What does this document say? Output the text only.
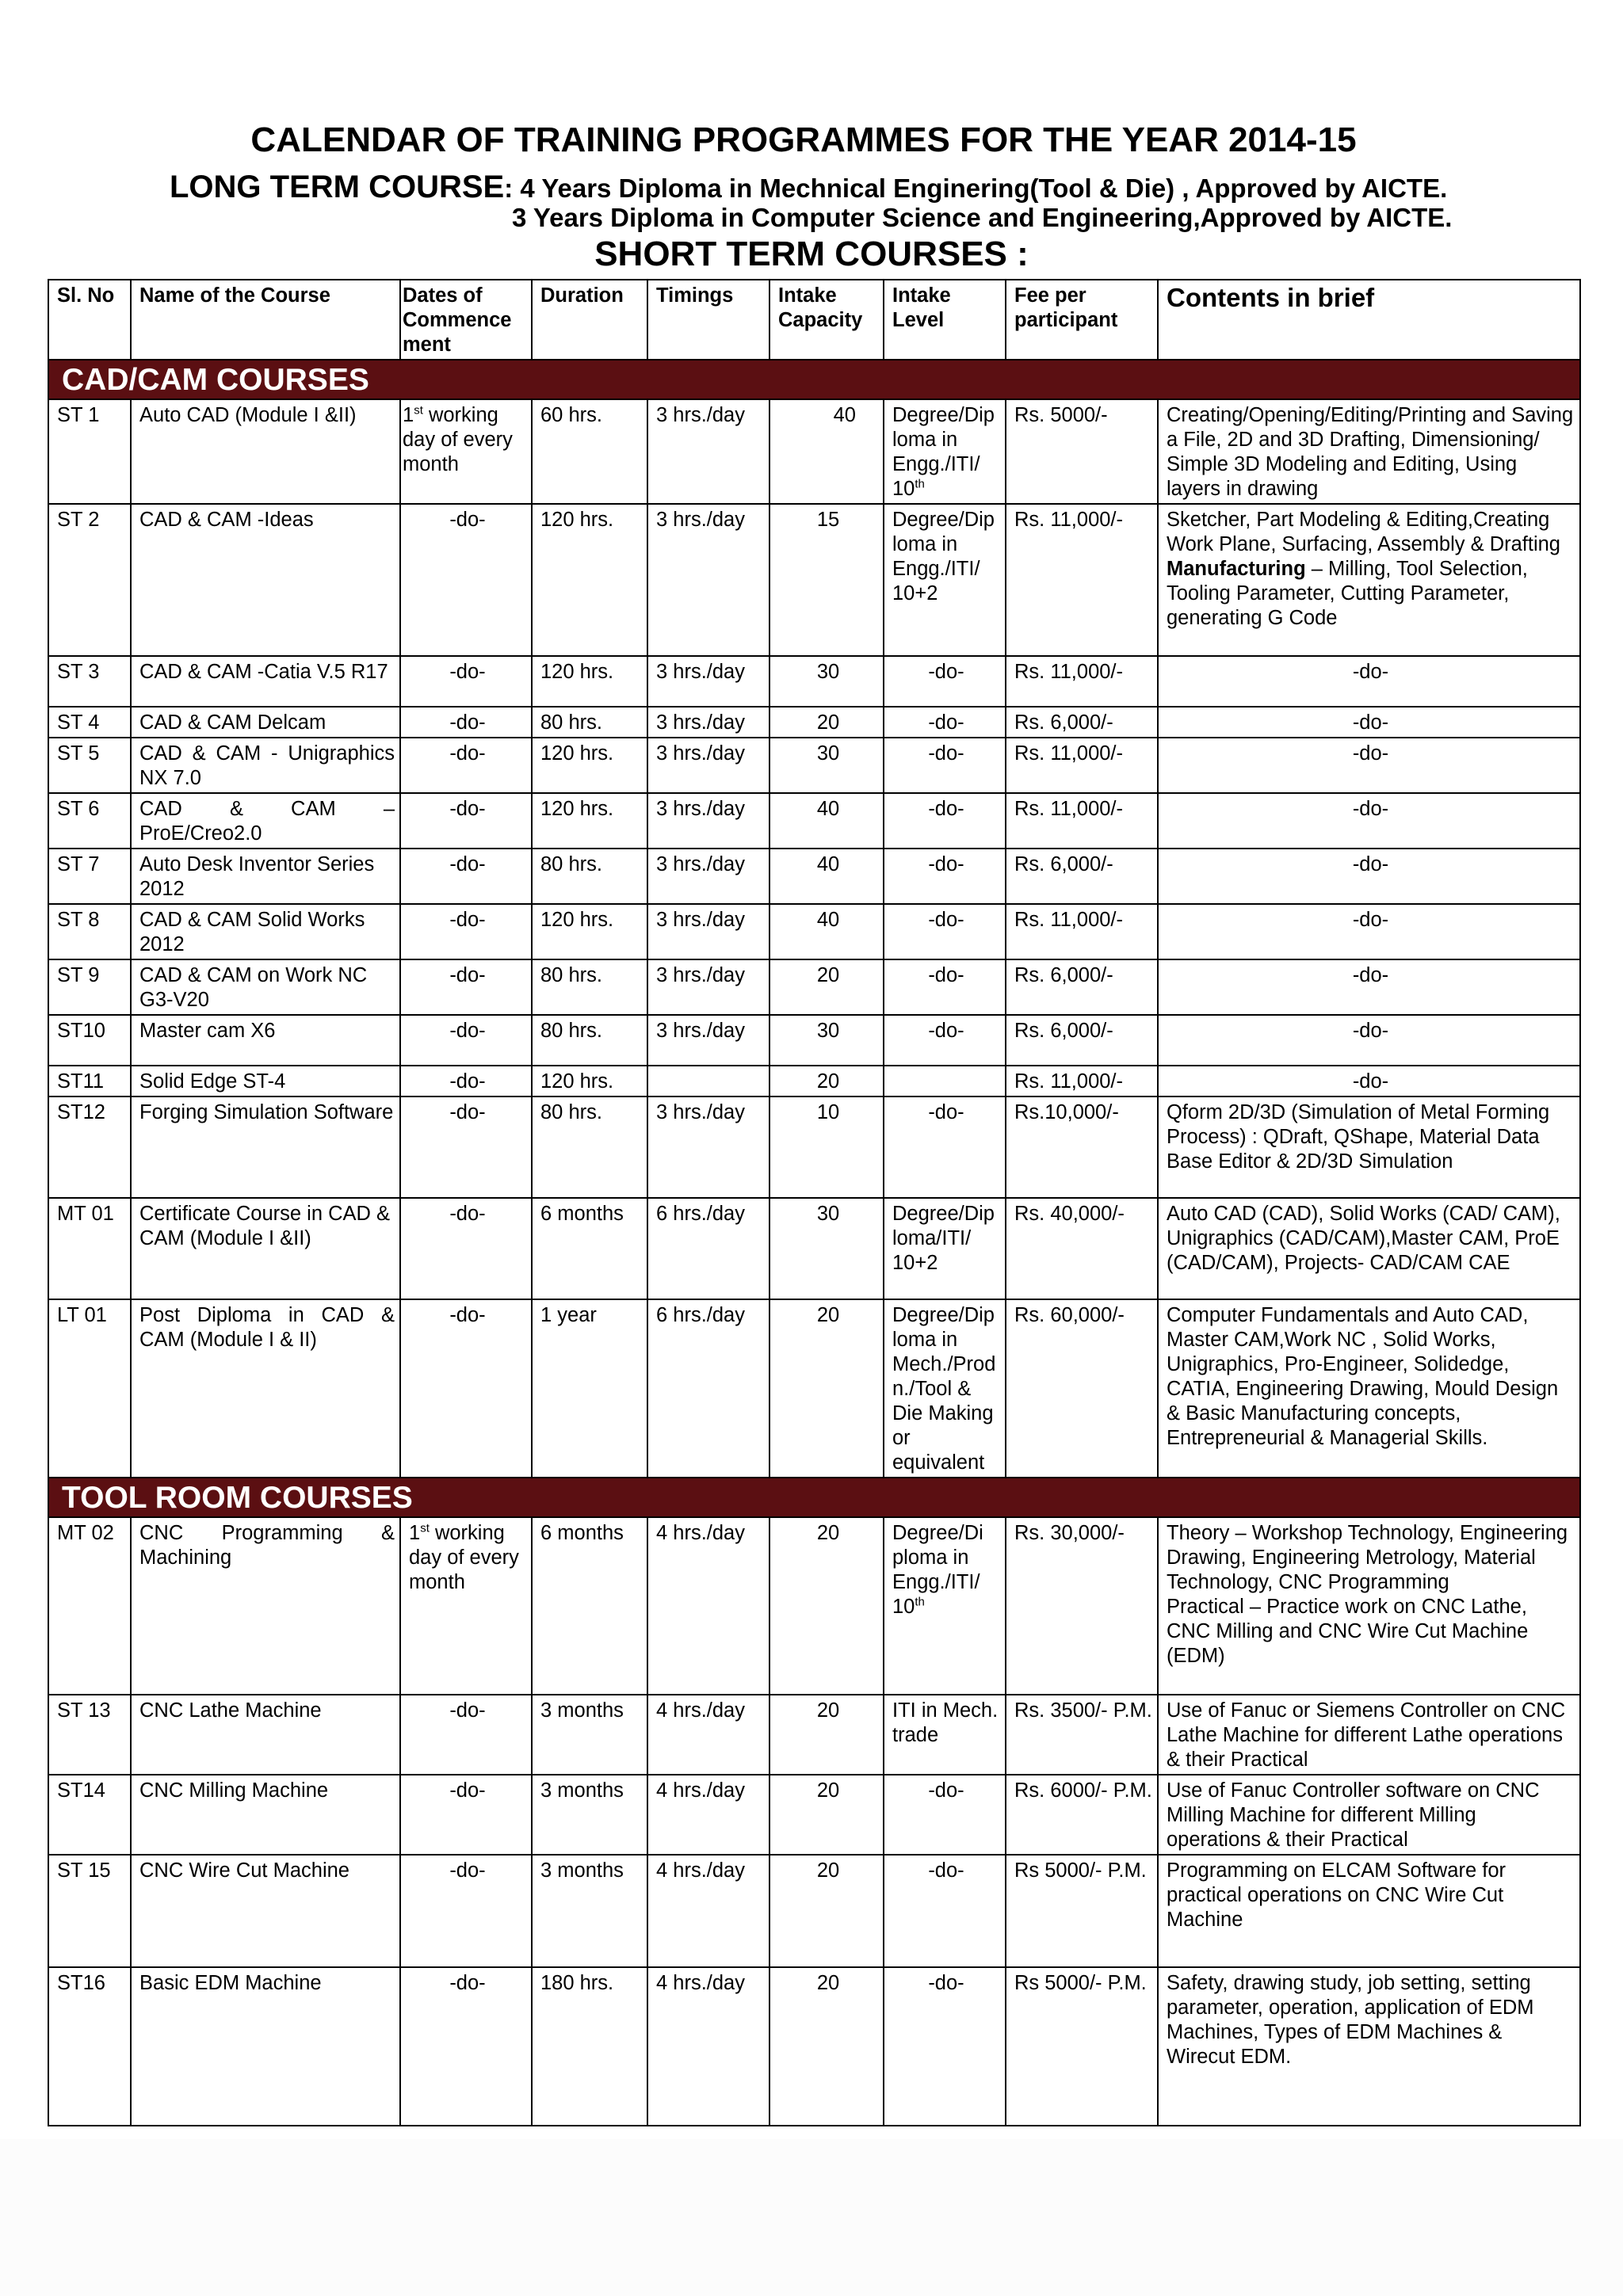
CALENDAR OF TRAINING PROGRAMMES FOR THE YEAR 2014-15
LONG TERM COURSE: 4 Years Diploma in Mechnical Enginering(Tool & Die) , Approved by AICTE.
3 Years Diploma in Computer Science and Engineering,Approved by AICTE.
SHORT TERM COURSES :
Sl. No	Name of the Course	Dates of Commence ment	Duration	Timings	Intake Capacity	Intake Level	Fee per participant	Contents in brief
CAD/CAM COURSES								
ST 1	Auto CAD (Module I &II)	1st working day of every month	60 hrs.	3 hrs./day	40	Degree/Dip loma in Engg./ITI/ 10th	Rs. 5000/-	Creating/Opening/Editing/Printing and Saving a File, 2D and 3D Drafting, Dimensioning/ Simple 3D Modeling and Editing, Using layers in drawing
ST 2	CAD & CAM -Ideas	-do-	120 hrs.	3 hrs./day	15	Degree/Dip loma in Engg./ITI/ 10+2	Rs. 11,000/-	Sketcher, Part Modeling & Editing,Creating Work Plane, Surfacing, Assembly & Drafting
Manufacturing – Milling, Tool Selection, Tooling Parameter, Cutting Parameter, generating G Code
ST 3	CAD & CAM -Catia V.5 R17	-do-	120 hrs.	3 hrs./day	30	-do-	Rs. 11,000/-	-do-
ST 4	CAD & CAM Delcam	-do-	80 hrs.	3 hrs./day	20	-do-	Rs. 6,000/-	-do-
ST 5	CAD & CAM - Unigraphics NX 7.0	-do-	120 hrs.	3 hrs./day	30	-do-	Rs. 11,000/-	-do-
ST 6	CAD & CAM – ProE/Creo2.0	-do-	120 hrs.	3 hrs./day	40	-do-	Rs. 11,000/-	-do-
ST 7	Auto Desk Inventor Series 2012	-do-	80 hrs.	3 hrs./day	40	-do-	Rs. 6,000/-	-do-
ST 8	CAD & CAM Solid Works 2012	-do-	120 hrs.	3 hrs./day	40	-do-	Rs. 11,000/-	-do-
ST 9	CAD & CAM on Work NC G3-V20	-do-	80 hrs.	3 hrs./day	20	-do-	Rs. 6,000/-	-do-
ST10	Master cam X6	-do-	80 hrs.	3 hrs./day	30	-do-	Rs. 6,000/-	-do-
ST11	Solid Edge ST-4	-do-	120 hrs.		20		Rs. 11,000/-	-do-
ST12	Forging Simulation Software	-do-	80 hrs.	3 hrs./day	10	-do-	Rs.10,000/-	Qform 2D/3D (Simulation of Metal Forming Process) : QDraft, QShape, Material Data Base Editor & 2D/3D Simulation
MT 01	Certificate Course in CAD & CAM (Module I &II)	-do-	6 months	6 hrs./day	30	Degree/Dip loma/ITI/ 10+2	Rs. 40,000/-	Auto CAD (CAD), Solid Works (CAD/ CAM), Unigraphics (CAD/CAM),Master CAM, ProE (CAD/CAM), Projects- CAD/CAM CAE
LT 01	Post Diploma in CAD & CAM (Module I & II)	-do-	1 year	6 hrs./day	20	Degree/Dip loma in Mech./Prod n./Tool & Die Making or equivalent	Rs. 60,000/-	Computer Fundamentals and Auto CAD, Master CAM,Work NC , Solid Works, Unigraphics, Pro-Engineer, Solidedge, CATIA, Engineering Drawing, Mould Design & Basic Manufacturing concepts, Entrepreneurial & Managerial Skills.
TOOL ROOM COURSES								
MT 02	CNC Programming & Machining	1st working day of every month	6 months	4 hrs./day	20	Degree/Di ploma in Engg./ITI/ 10th	Rs. 30,000/-	Theory – Workshop Technology, Engineering Drawing, Engineering Metrology, Material Technology, CNC Programming
Practical – Practice work on CNC Lathe, CNC Milling and CNC Wire Cut Machine (EDM)
ST 13	CNC Lathe Machine	-do-	3 months	4 hrs./day	20	ITI in Mech. trade	Rs. 3500/- P.M.	Use of Fanuc or Siemens Controller on CNC Lathe Machine for different Lathe operations & their Practical
ST14	CNC Milling Machine	-do-	3 months	4 hrs./day	20	-do-	Rs. 6000/- P.M.	Use of Fanuc Controller software on CNC Milling Machine for different Milling operations & their Practical
ST 15	CNC Wire Cut Machine	-do-	3 months	4 hrs./day	20	-do-	Rs 5000/- P.M.	Programming on ELCAM Software for practical operations on CNC Wire Cut Machine
ST16	Basic EDM Machine	-do-	180 hrs.	4 hrs./day	20	-do-	Rs 5000/- P.M.	Safety, drawing study, job setting, setting parameter, operation, application of EDM Machines, Types of EDM Machines & Wirecut EDM.
